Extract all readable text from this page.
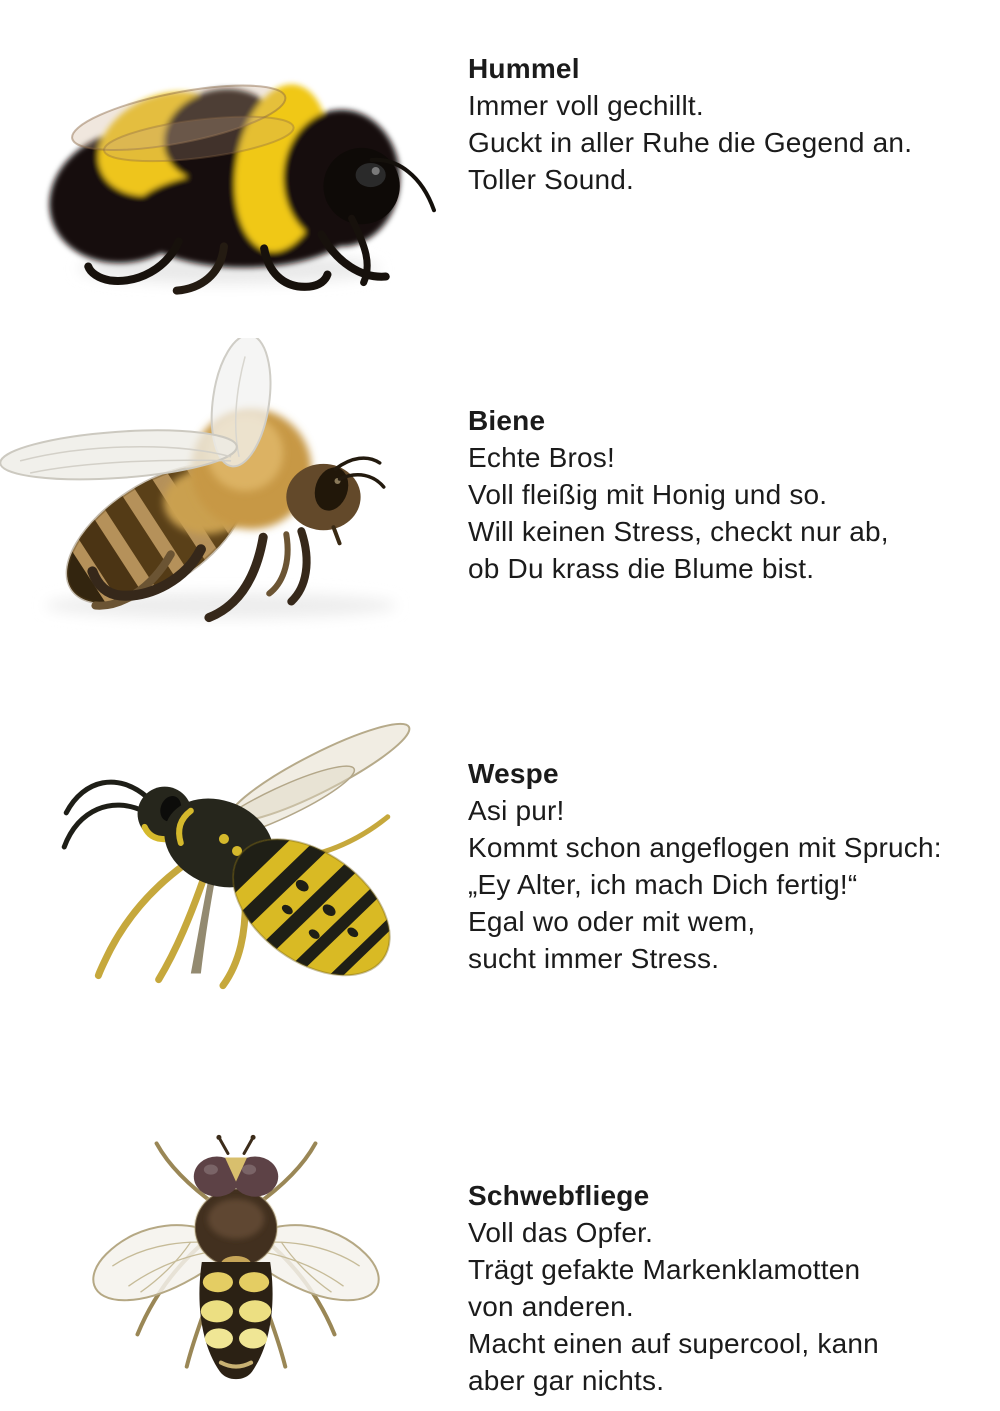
Hummel

Immer voll gechillt.

Guckt in aller Ruhe die Gegend an.

Toller Sound.

Biene

Echte Bros!

Voll fleißig mit Honig und so.

Will keinen Stress, checkt nur ab,

ob Du krass die Blume bist.

Wespe

Asi pur!

Kommt schon angeflogen mit Spruch:

„Ey Alter, ich mach Dich fertig!“

Egal wo oder mit wem,

sucht immer Stress.

Schwebfliege

Voll das Opfer.

Trägt gefakte Markenklamotten

von anderen.

Macht einen auf supercool, kann

aber gar nichts.
